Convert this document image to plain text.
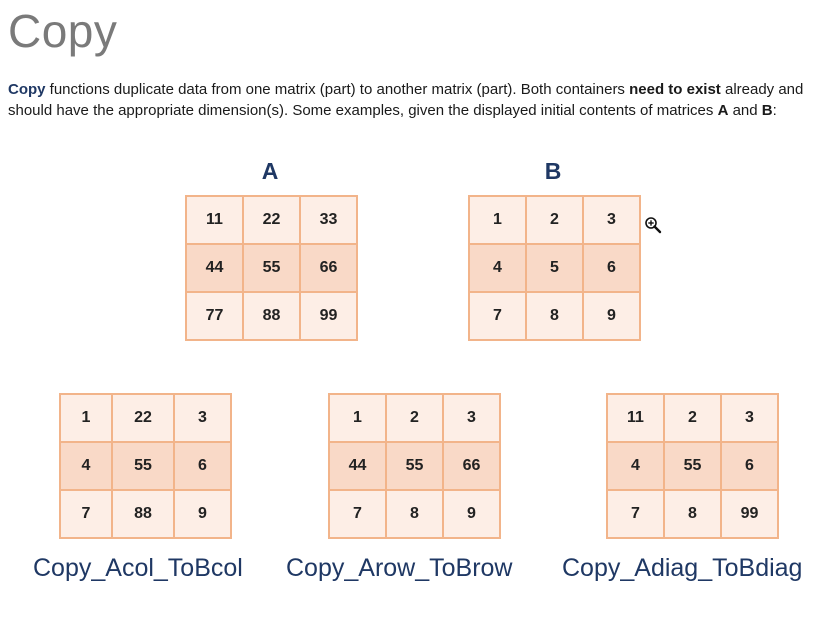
Copy
Copy functions duplicate data from one matrix (part) to another matrix (part). Both containers need to exist already and should have the appropriate dimension(s). Some examples, given the displayed initial contents of matrices A and B:
A
11	22	33
44	55	66
77	88	99
B
1	2	3
4	5	6
7	8	9
1	22	3
4	55	6
7	88	9
Copy_Acol_ToBcol
1	2	3
44	55	66
7	8	9
Copy_Arow_ToBrow
11	2	3
4	55	6
7	8	99
Copy_Adiag_ToBdiag
